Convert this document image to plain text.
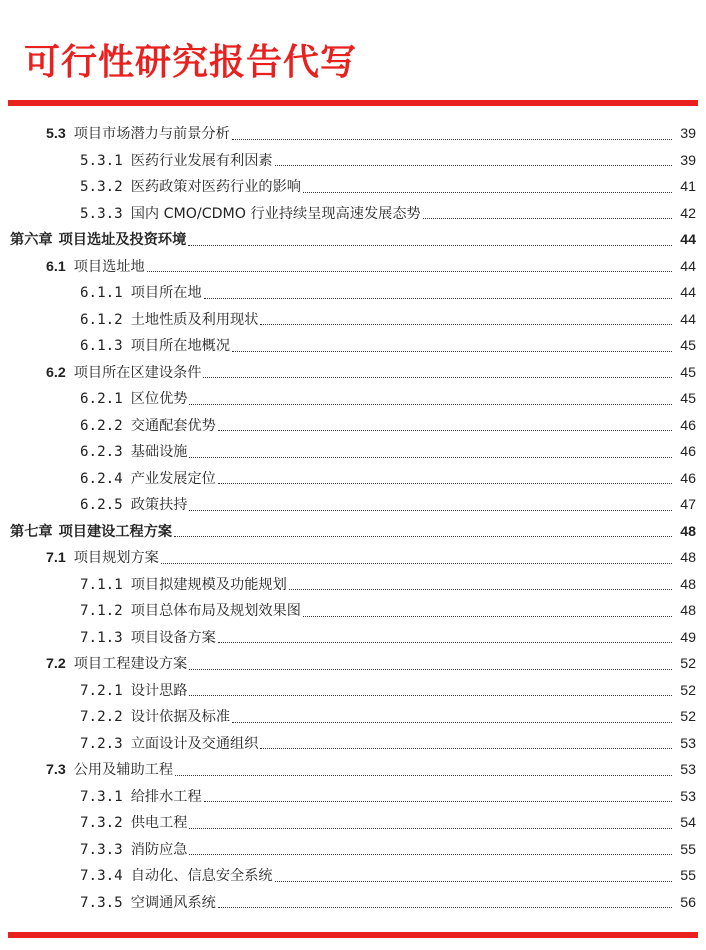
可行性研究报告代写
5.3 项目市场潜力与前景分析	39
5.3.1 医药行业发展有利因素	39
5.3.2 医药政策对医药行业的影响	41
5.3.3 国内 CMO/CDMO 行业持续呈现高速发展态势	42
第六章 项目选址及投资环境	44
6.1 项目选址地	44
6.1.1 项目所在地	44
6.1.2 土地性质及利用现状	44
6.1.3 项目所在地概况	45
6.2 项目所在区建设条件	45
6.2.1 区位优势	45
6.2.2 交通配套优势	46
6.2.3 基础设施	46
6.2.4 产业发展定位	46
6.2.5 政策扶持	47
第七章 项目建设工程方案	48
7.1 项目规划方案	48
7.1.1 项目拟建规模及功能规划	48
7.1.2 项目总体布局及规划效果图	48
7.1.3 项目设备方案	49
7.2 项目工程建设方案	52
7.2.1 设计思路	52
7.2.2 设计依据及标准	52
7.2.3 立面设计及交通组织	53
7.3 公用及辅助工程	53
7.3.1 给排水工程	53
7.3.2 供电工程	54
7.3.3 消防应急	55
7.3.4 自动化、信息安全系统	55
7.3.5 空调通风系统	56
